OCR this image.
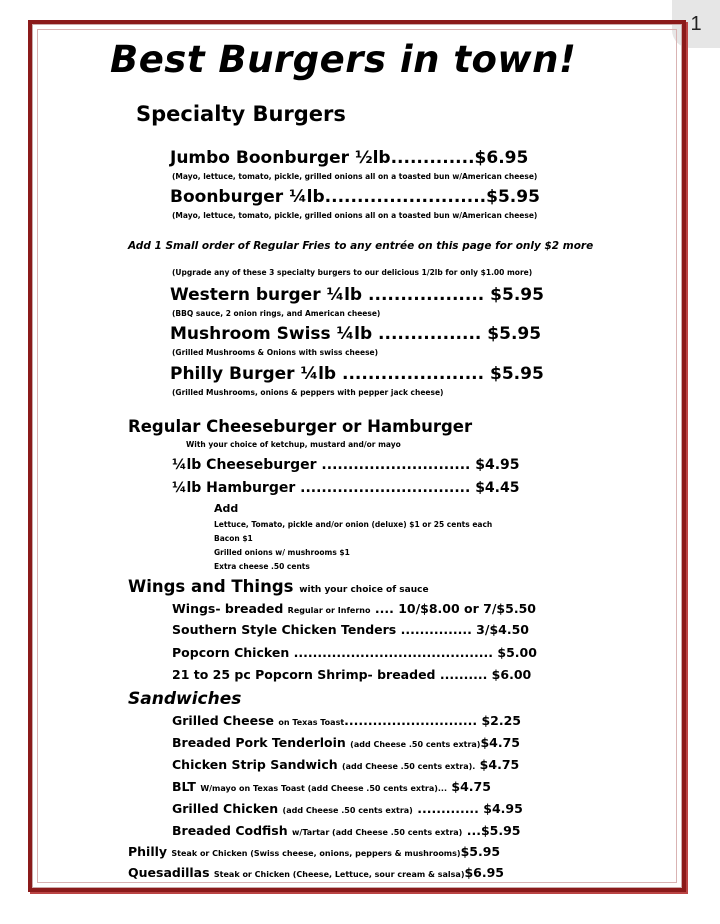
1
Best Burgers in town!
Specialty Burgers
Jumbo Boonburger ½lb.............$6.95
(Mayo, lettuce, tomato, pickle, grilled onions all on a toasted bun w/American cheese)
Boonburger ¼lb.........................$5.95
(Mayo, lettuce, tomato, pickle, grilled onions all on a toasted bun w/American cheese)
Add 1 Small order of Regular Fries to any entrée on this page for only $2 more
(Upgrade any of these 3 specialty burgers to our delicious 1/2lb for only $1.00 more)
Western burger ¼lb .................. $5.95
(BBQ sauce, 2 onion rings, and American cheese)
Mushroom Swiss ¼lb ................ $5.95
(Grilled Mushrooms & Onions with swiss cheese)
Philly Burger ¼lb ...................... $5.95
(Grilled Mushrooms, onions & peppers with pepper jack cheese)
Regular Cheeseburger or Hamburger
With your choice of ketchup, mustard and/or mayo
¼lb Cheeseburger ............................ $4.95
¼lb Hamburger ................................ $4.45
Add
Lettuce, Tomato, pickle and/or onion (deluxe) $1 or 25 cents each
Bacon $1
Grilled onions w/ mushrooms $1
Extra cheese .50 cents
Wings and Things with your choice of sauce
Wings- breaded Regular or Inferno .... 10/$8.00 or 7/$5.50
Southern Style Chicken Tenders ............... 3/$4.50
Popcorn Chicken .......................................... $5.00
21 to 25 pc Popcorn Shrimp- breaded .......... $6.00
Sandwiches
Grilled Cheese on Texas Toast............................ $2.25
Breaded Pork Tenderloin (add Cheese .50 cents extra)$4.75
Chicken Strip Sandwich (add Cheese .50 cents extra). $4.75
BLT W/mayo on Texas Toast (add Cheese .50 cents extra)... $4.75
Grilled Chicken (add Cheese .50 cents extra) ............. $4.95
Breaded Codfish w/Tartar (add Cheese .50 cents extra) ...$5.95
Philly Steak or Chicken (Swiss cheese, onions, peppers & mushrooms)$5.95
Quesadillas Steak or Chicken (Cheese, Lettuce, sour cream & salsa)$6.95
